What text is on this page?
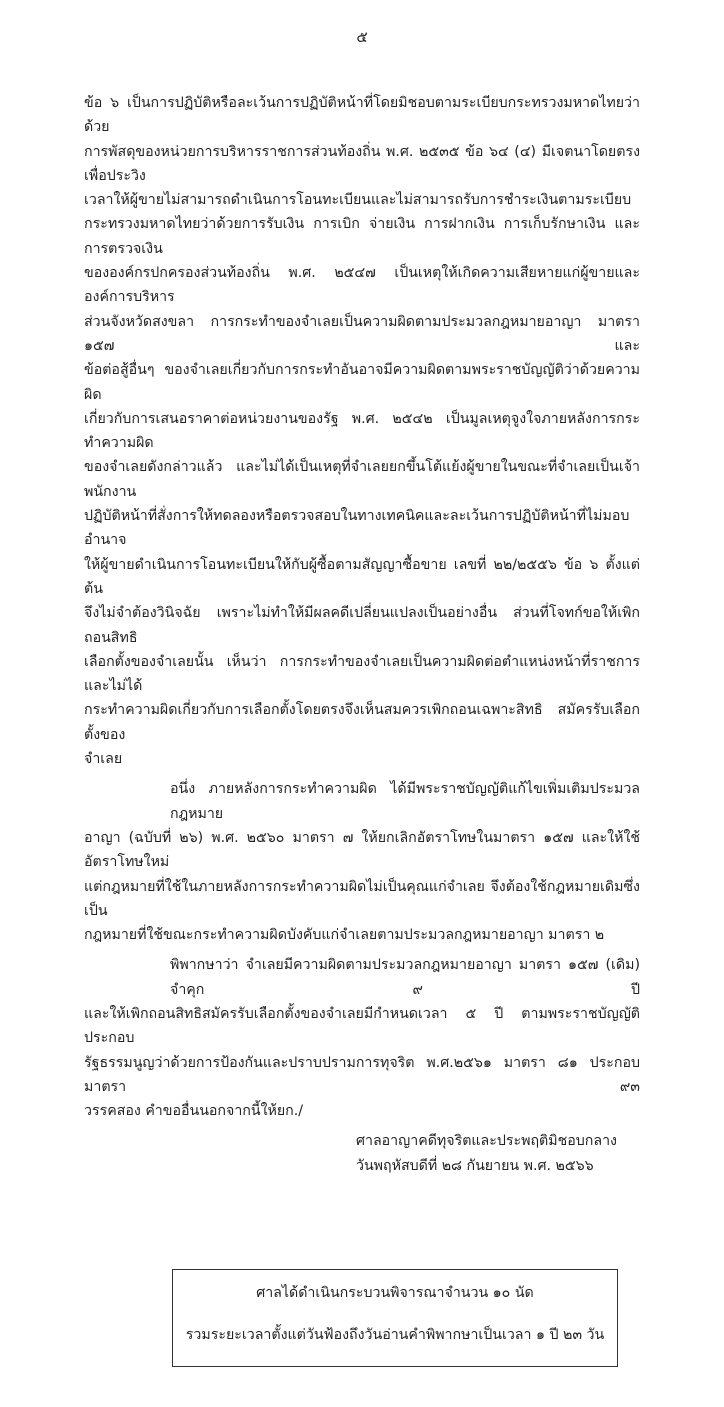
๕
ข้อ ๖ เป็นการปฏิบัติหรือละเว้นการปฏิบัติหน้าที่โดยมิชอบตามระเบียบกระทรวงมหาดไทยว่าด้วย
การพัสดุของหน่วยการบริหารราชการส่วนท้องถิ่น พ.ศ. ๒๕๓๕ ข้อ ๖๔ (๔) มีเจตนาโดยตรงเพื่อประวิง
เวลาให้ผู้ขายไม่สามารถดำเนินการโอนทะเบียนและไม่สามารถรับการชำระเงินตามระเบียบ
กระทรวงมหาดไทยว่าด้วยการรับเงิน การเบิก จ่ายเงิน การฝากเงิน การเก็บรักษาเงิน และการตรวจเงิน
ขององค์กรปกครองส่วนท้องถิ่น พ.ศ. ๒๕๔๗ เป็นเหตุให้เกิดความเสียหายแก่ผู้ขายและองค์การบริหาร
ส่วนจังหวัดสงขลา การกระทำของจำเลยเป็นความผิดตามประมวลกฎหมายอาญา มาตรา ๑๕๗ และ
ข้อต่อสู้อื่นๆ ของจำเลยเกี่ยวกับการกระทำอันอาจมีความผิดตามพระราชบัญญัติว่าด้วยความผิด
เกี่ยวกับการเสนอราคาต่อหน่วยงานของรัฐ พ.ศ. ๒๕๔๒ เป็นมูลเหตุจูงใจภายหลังการกระทำความผิด
ของจำเลยดังกล่าวแล้ว และไม่ได้เป็นเหตุที่จำเลยยกขึ้นโต้แย้งผู้ขายในขณะที่จำเลยเป็นเจ้าพนักงาน
ปฏิบัติหน้าที่สั่งการให้ทดลองหรือตรวจสอบในทางเทคนิคและละเว้นการปฏิบัติหน้าที่ไม่มอบอำนาจ
ให้ผู้ขายดำเนินการโอนทะเบียนให้กับผู้ซื้อตามสัญญาซื้อขาย เลขที่ ๒๒/๒๕๕๖ ข้อ ๖ ตั้งแต่ต้น
จึงไม่จำต้องวินิจฉัย เพราะไม่ทำให้มีผลคดีเปลี่ยนแปลงเป็นอย่างอื่น ส่วนที่โจทก์ขอให้เพิกถอนสิทธิ
เลือกตั้งของจำเลยนั้น เห็นว่า การกระทำของจำเลยเป็นความผิดต่อตำแหน่งหน้าที่ราชการ และไม่ได้
กระทำความผิดเกี่ยวกับการเลือกตั้งโดยตรงจึงเห็นสมควรเพิกถอนเฉพาะสิทธิ สมัครรับเลือกตั้งของ
จำเลย
อนึ่ง ภายหลังการกระทำความผิด ได้มีพระราชบัญญัติแก้ไขเพิ่มเติมประมวลกฎหมาย
อาญา (ฉบับที่ ๒๖) พ.ศ. ๒๕๖๐ มาตรา ๗ ให้ยกเลิกอัตราโทษในมาตรา ๑๕๗ และให้ใช้อัตราโทษใหม่
แต่กฎหมายที่ใช้ในภายหลังการกระทำความผิดไม่เป็นคุณแก่จำเลย จึงต้องใช้กฎหมายเดิมซึ่งเป็น
กฎหมายที่ใช้ขณะกระทำความผิดบังคับแก่จำเลยตามประมวลกฎหมายอาญา มาตรา ๒
พิพากษาว่า จำเลยมีความผิดตามประมวลกฎหมายอาญา มาตรา ๑๕๗ (เดิม) จำคุก ๙ ปี
และให้เพิกถอนสิทธิสมัครรับเลือกตั้งของจำเลยมีกำหนดเวลา ๕ ปี ตามพระราชบัญญัติประกอบ
รัฐธรรมนูญว่าด้วยการป้องกันและปราบปรามการทุจริต พ.ศ.๒๕๖๑ มาตรา ๘๑ ประกอบมาตรา ๙๓
วรรคสอง คำขออื่นนอกจากนี้ให้ยก./
ศาลอาญาคดีทุจริตและประพฤติมิชอบกลาง
วันพฤหัสบดีที่ ๒๘ กันยายน พ.ศ. ๒๕๖๖
ศาลได้ดำเนินกระบวนพิจารณาจำนวน ๑๐ นัด
รวมระยะเวลาตั้งแต่วันฟ้องถึงวันอ่านคำพิพากษาเป็นเวลา ๑ ปี ๒๓ วัน
